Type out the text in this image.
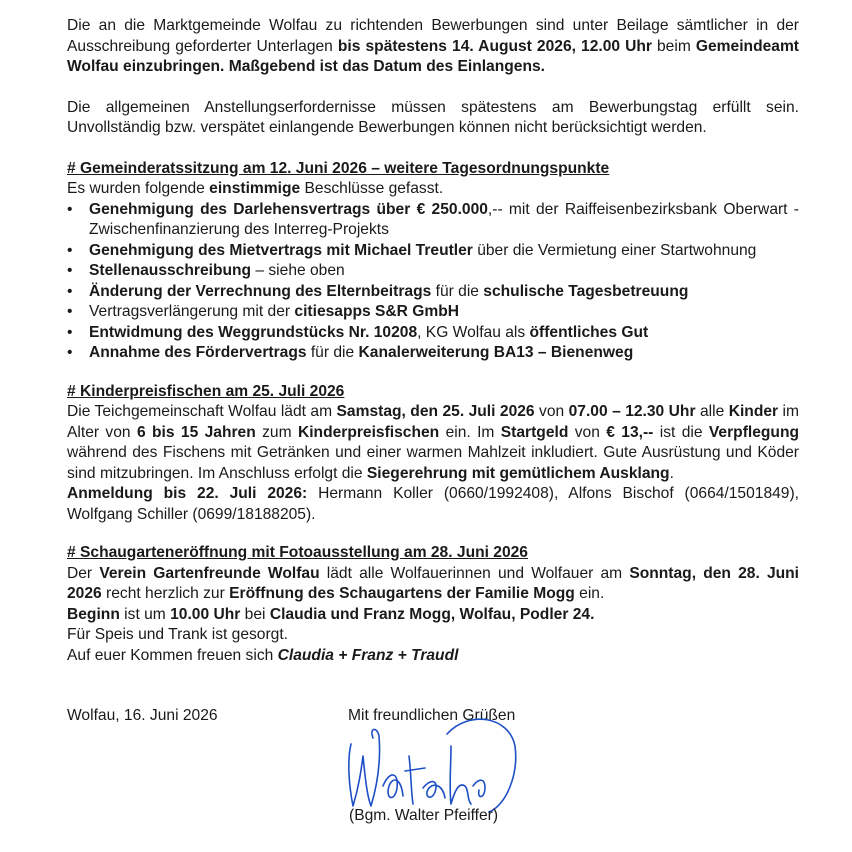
Die an die Marktgemeinde Wolfau zu richtenden Bewerbungen sind unter Beilage sämtlicher in der Ausschreibung geforderter Unterlagen bis spätestens 14. August 2026, 12.00 Uhr beim Gemeindeamt Wolfau einzubringen. Maßgebend ist das Datum des Einlangens.

Die allgemeinen Anstellungserfordernisse müssen spätestens am Bewerbungstag erfüllt sein. Unvollständig bzw. verspätet einlangende Bewerbungen können nicht berücksichtigt werden.

# Gemeinderatssitzung am 12. Juni 2026 – weitere Tagesordnungspunkte

Es wurden folgende einstimmige Beschlüsse gefasst.

• Genehmigung des Darlehensvertrags über € 250.000,-- mit der Raiffeisenbezirksbank Oberwart - Zwischenfinanzierung des Interreg-Projekts
• Genehmigung des Mietvertrags mit Michael Treutler über die Vermietung einer Startwohnung
• Stellenausschreibung – siehe oben
• Änderung der Verrechnung des Elternbeitrags für die schulische Tagesbetreuung
• Vertragsverlängerung mit der citiesapps S&R GmbH
• Entwidmung des Weggrundstücks Nr. 10208, KG Wolfau als öffentliches Gut
• Annahme des Fördervertrags für die Kanalerweiterung BA13 – Bienenweg

# Kinderpreisfischen am 25. Juli 2026

Die Teichgemeinschaft Wolfau lädt am Samstag, den 25. Juli 2026 von 07.00 – 12.30 Uhr alle Kinder im Alter von 6 bis 15 Jahren zum Kinderpreisfischen ein. Im Startgeld von € 13,-- ist die Verpflegung während des Fischens mit Getränken und einer warmen Mahlzeit inkludiert. Gute Ausrüstung und Köder sind mitzubringen. Im Anschluss erfolgt die Siegerehrung mit gemütlichem Ausklang.

Anmeldung bis 22. Juli 2026: Hermann Koller (0660/1992408), Alfons Bischof (0664/1501849), Wolfgang Schiller (0699/18188205).

# Schaugarteneröffnung mit Fotoausstellung am 28. Juni 2026

Der Verein Gartenfreunde Wolfau lädt alle Wolfauerinnen und Wolfauer am Sonntag, den 28. Juni 2026 recht herzlich zur Eröffnung des Schaugartens der Familie Mogg ein.

Beginn ist um 10.00 Uhr bei Claudia und Franz Mogg, Wolfau, Podler 24.

Für Speis und Trank ist gesorgt.

Auf euer Kommen freuen sich Claudia + Franz + Traudl

Wolfau, 16. Juni 2026	Mit freundlichen Grüßen
(Bgm. Walter Pfeiffer)
